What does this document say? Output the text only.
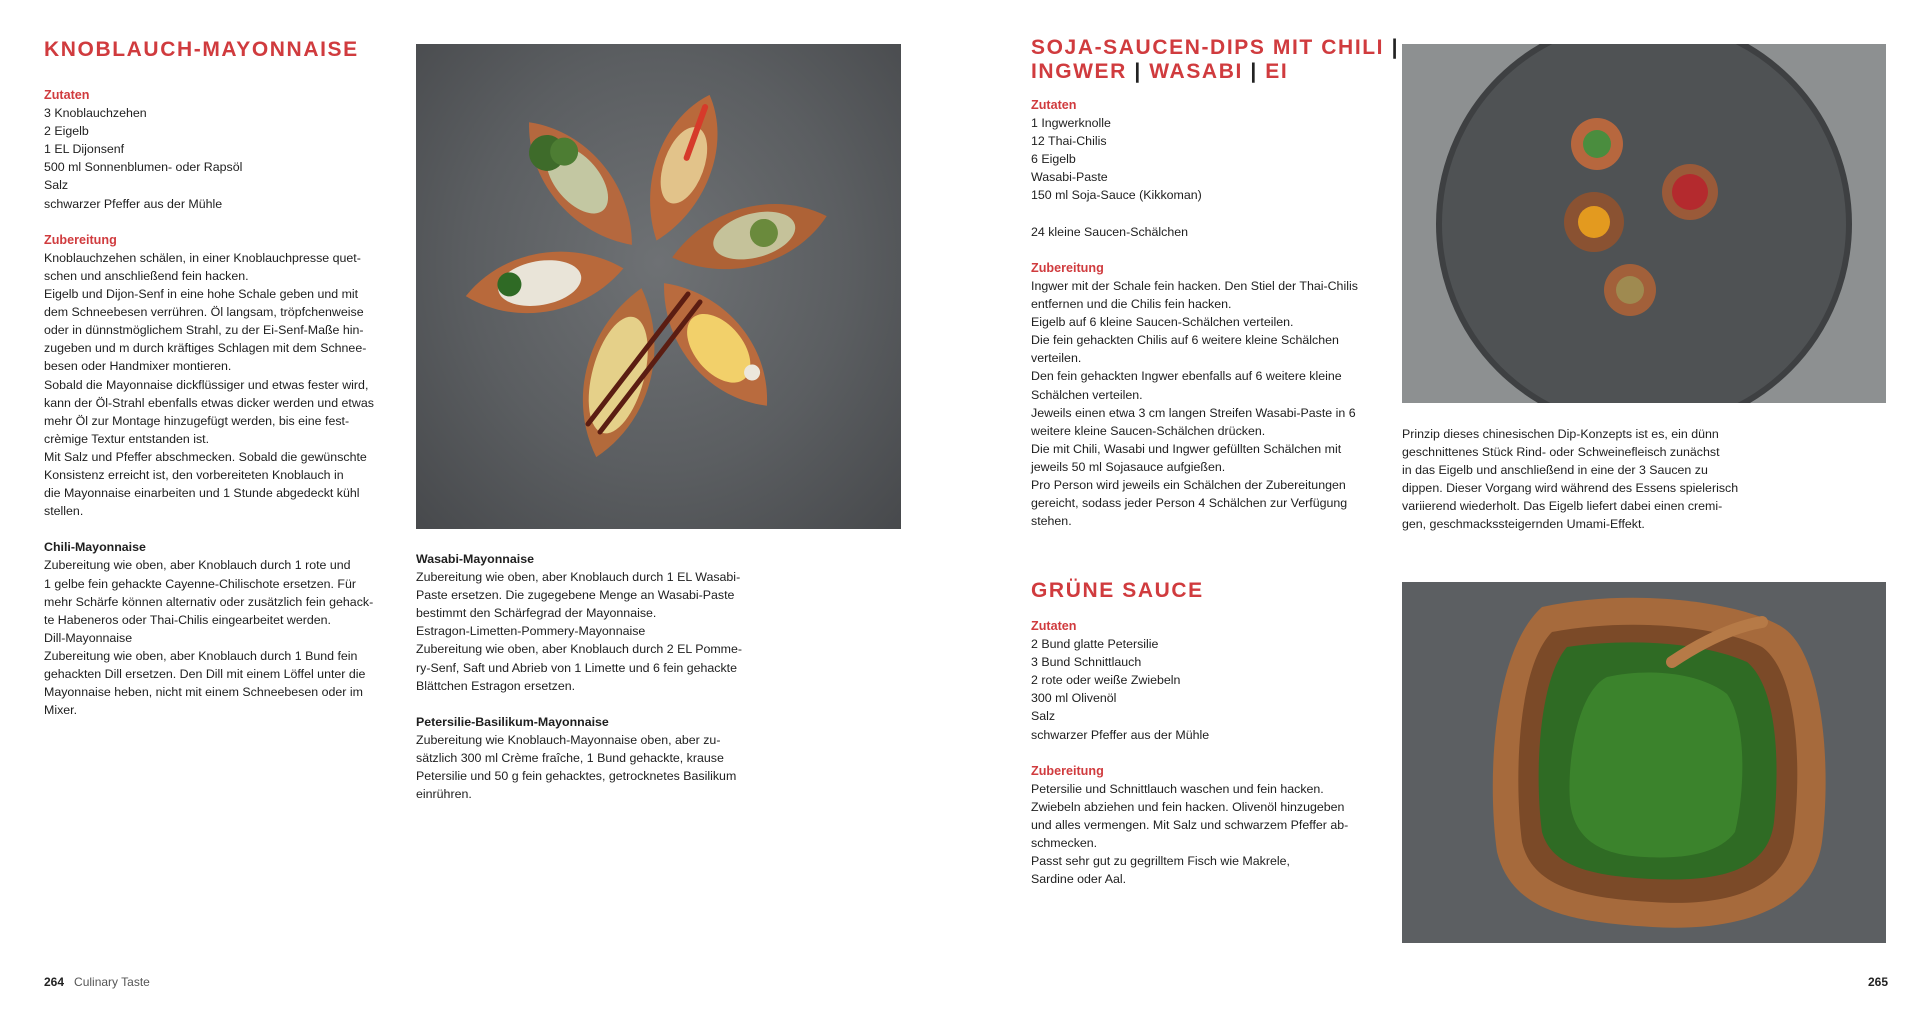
KNOBLAUCH-MAYONNAISE
Zutaten
3 Knoblauchzehen
2 Eigelb
1 EL Dijonsenf
500 ml Sonnenblumen- oder Rapsöl
Salz
schwarzer Pfeffer aus der Mühle
Zubereitung
Knoblauchzehen schälen, in einer Knoblauchpresse quet-
schen und anschließend fein hacken.
Eigelb und Dijon-Senf in eine hohe Schale geben und mit
dem Schneebesen verrühren. Öl langsam, tröpfchenweise
oder in dünnstmöglichem Strahl, zu der Ei-Senf-Maße hin-
zugeben und m durch kräftiges Schlagen mit dem Schnee-
besen oder Handmixer montieren.
Sobald die Mayonnaise dickflüssiger und etwas fester wird,
kann der Öl-Strahl ebenfalls etwas dicker werden und etwas
mehr Öl zur Montage hinzugefügt werden, bis eine fest-
crèmige Textur entstanden ist.
Mit Salz und Pfeffer abschmecken. Sobald die gewünschte
Konsistenz erreicht ist, den vorbereiteten Knoblauch in
die Mayonnaise einarbeiten und 1 Stunde abgedeckt kühl
stellen.
Chili-Mayonnaise
Zubereitung wie oben, aber Knoblauch durch 1 rote und
1 gelbe fein gehackte Cayenne-Chilischote ersetzen. Für
mehr Schärfe können alternativ oder zusätzlich fein gehack-
te Habeneros oder Thai-Chilis eingearbeitet werden.
Dill-Mayonnaise
Zubereitung wie oben, aber Knoblauch durch 1 Bund fein
gehackten Dill ersetzen. Den Dill mit einem Löffel unter die
Mayonnaise heben, nicht mit einem Schneebesen oder im
Mixer.
Wasabi-Mayonnaise
Zubereitung wie oben, aber Knoblauch durch 1 EL Wasabi-
Paste ersetzen. Die zugegebene Menge an Wasabi-Paste
bestimmt den Schärfegrad der Mayonnaise.
Estragon-Limetten-Pommery-Mayonnaise
Zubereitung wie oben, aber Knoblauch durch 2 EL Pomme-
ry-Senf, Saft und Abrieb von 1 Limette und 6 fein gehackte
Blättchen Estragon ersetzen.
Petersilie-Basilikum-Mayonnaise
Zubereitung wie Knoblauch-Mayonnaise oben, aber zu-
sätzlich 300 ml Crème fraîche, 1 Bund gehackte, krause
Petersilie und 50 g fein gehacktes, getrocknetes Basilikum
einrühren.
264 Culinary Taste
SOJA-SAUCEN-DIPS MIT CHILI |
INGWER | WASABI | EI
Zutaten
1 Ingwerknolle
12 Thai-Chilis
6 Eigelb
Wasabi-Paste
150 ml Soja-Sauce (Kikkoman)
24 kleine Saucen-Schälchen
Zubereitung
Ingwer mit der Schale fein hacken. Den Stiel der Thai-Chilis
entfernen und die Chilis fein hacken.
Eigelb auf 6 kleine Saucen-Schälchen verteilen.
Die fein gehackten Chilis auf 6 weitere kleine Schälchen
verteilen.
Den fein gehackten Ingwer ebenfalls auf 6 weitere kleine
Schälchen verteilen.
Jeweils einen etwa 3 cm langen Streifen Wasabi-Paste in 6
weitere kleine Saucen-Schälchen drücken.
Die mit Chili, Wasabi und Ingwer gefüllten Schälchen mit
jeweils 50 ml Sojasauce aufgießen.
Pro Person wird jeweils ein Schälchen der Zubereitungen
gereicht, sodass jeder Person 4 Schälchen zur Verfügung
stehen.
Prinzip dieses chinesischen Dip-Konzepts ist es, ein dünn
geschnittenes Stück Rind- oder Schweinefleisch zunächst
in das Eigelb und anschließend in eine der 3 Saucen zu
dippen. Dieser Vorgang wird während des Essens spielerisch
variierend wiederholt. Das Eigelb liefert dabei einen cremi-
gen, geschmackssteigernden Umami-Effekt.
GRÜNE SAUCE
Zutaten
2 Bund glatte Petersilie
3 Bund Schnittlauch
2 rote oder weiße Zwiebeln
300 ml Olivenöl
Salz
schwarzer Pfeffer aus der Mühle
Zubereitung
Petersilie und Schnittlauch waschen und fein hacken.
Zwiebeln abziehen und fein hacken. Olivenöl hinzugeben
und alles vermengen. Mit Salz und schwarzem Pfeffer ab-
schmecken.
Passt sehr gut zu gegrilltem Fisch wie Makrele,
Sardine oder Aal.
265
